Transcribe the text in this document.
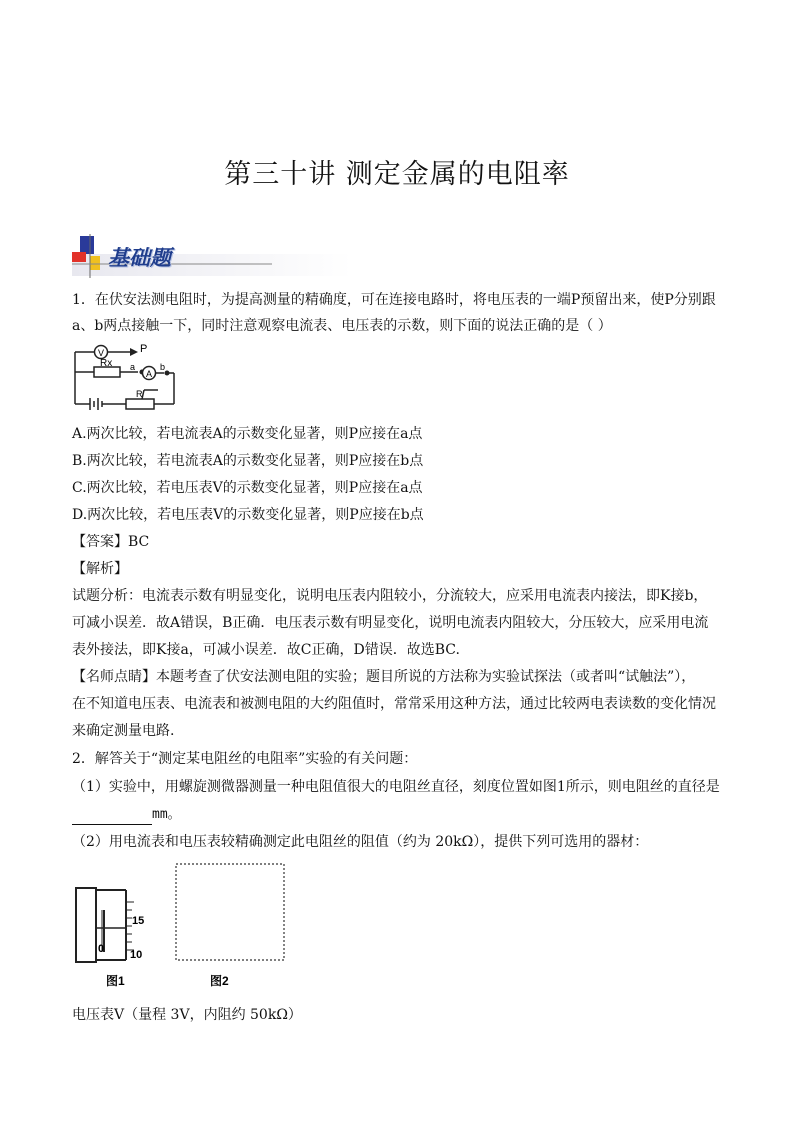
第三十讲 测定金属的电阻率
基础题
1．在伏安法测电阻时，为提高测量的精确度，可在连接电路时，将电压表的一端P预留出来，使P分别跟
a、b两点接触一下，同时注意观察电流表、电压表的示数，则下面的说法正确的是（ ）
V	P
Rx a
A
b
R
A.两次比较，若电流表A的示数变化显著，则P应接在a点
B.两次比较，若电流表A的示数变化显著，则P应接在b点
C.两次比较，若电压表V的示数变化显著，则P应接在a点
D.两次比较，若电压表V的示数变化显著，则P应接在b点
【答案】BC
【解析】
试题分析：电流表示数有明显变化，说明电压表内阻较小，分流较大，应采用电流表内接法，即K接b，
可减小误差．故A错误，B正确．电压表示数有明显变化，说明电流表内阻较大，分压较大，应采用电流
表外接法，即K接a，可减小误差．故C正确，D错误．故选BC.
【名师点睛】本题考查了伏安法测电阻的实验；题目所说的方法称为实验试探法（或者叫“试触法”），
在不知道电压表、电流表和被测电阻的大约阻值时，常常采用这种方法，通过比较两电表读数的变化情况
来确定测量电路.
2．解答关于“测定某电阻丝的电阻率”实验的有关问题：
（1）实验中，用螺旋测微器测量一种电阻值很大的电阻丝直径，刻度位置如图1所示，则电阻丝的直径是
mm。
（2）用电流表和电压表较精确测定此电阻丝的阻值（约为 20kΩ），提供下列可选用的器材：
15
10
0
图1	图2
电压表V（量程 3V，内阻约 50kΩ）
